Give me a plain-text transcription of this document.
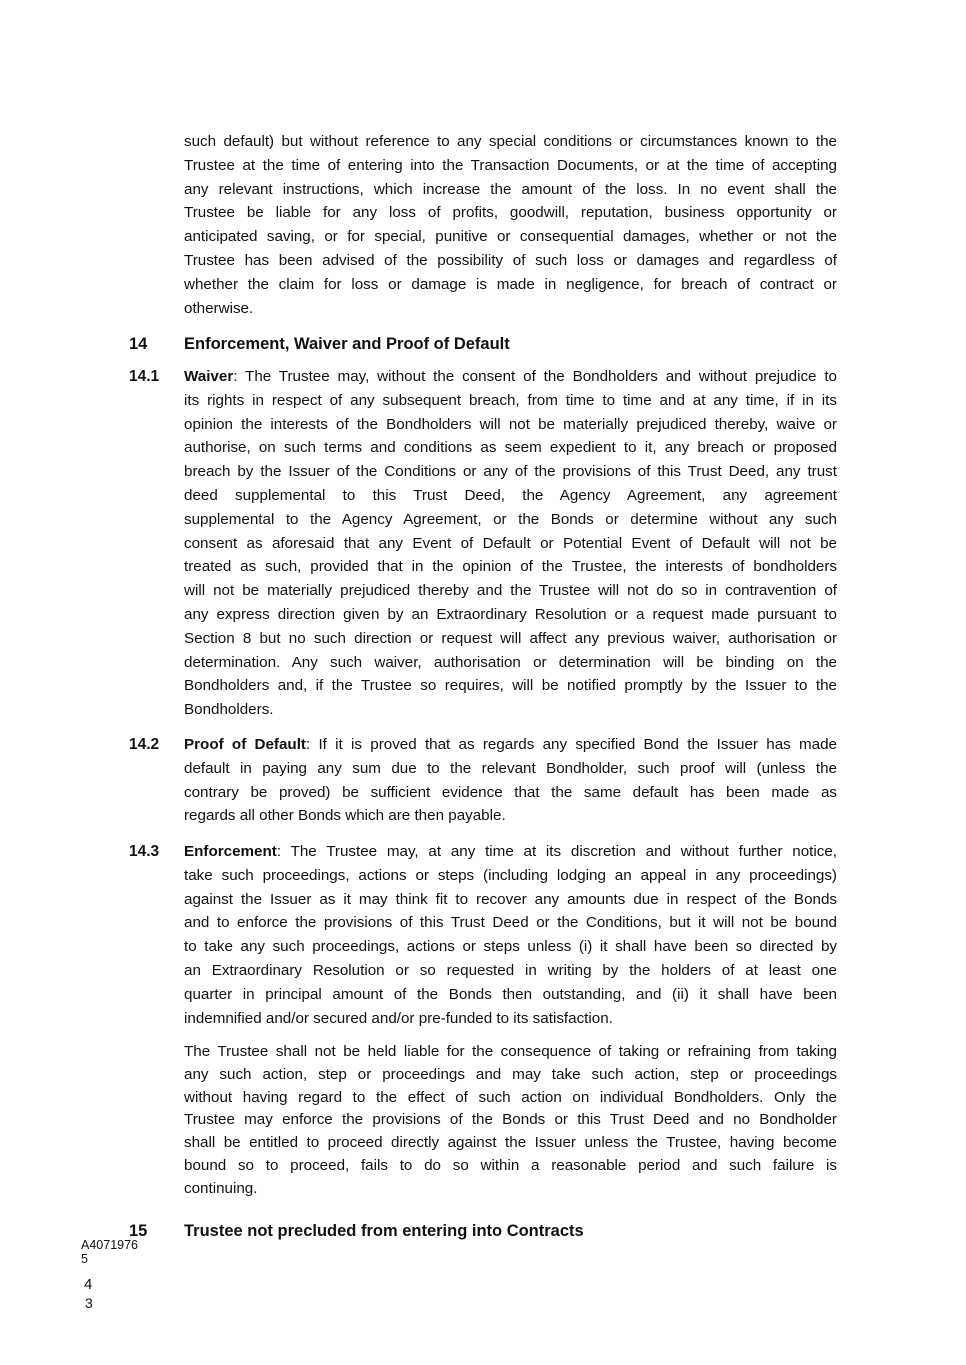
such default) but without reference to any special conditions or circumstances known to the
Trustee at the time of entering into the Transaction Documents, or at the time of accepting
any relevant instructions, which increase the amount of the loss. In no event shall the
Trustee be liable for any loss of profits, goodwill, reputation, business opportunity or
anticipated saving, or for special, punitive or consequential damages, whether or not the
Trustee has been advised of the possibility of such loss or damages and regardless of
whether the claim for loss or damage is made in negligence, for breach of contract or
otherwise.
14 Enforcement, Waiver and Proof of Default
14.1 Waiver: The Trustee may, without the consent of the Bondholders and without prejudice to
its rights in respect of any subsequent breach, from time to time and at any time, if in its
opinion the interests of the Bondholders will not be materially prejudiced thereby, waive or
authorise, on such terms and conditions as seem expedient to it, any breach or proposed
breach by the Issuer of the Conditions or any of the provisions of this Trust Deed, any trust
deed supplemental to this Trust Deed, the Agency Agreement, any agreement
supplemental to the Agency Agreement, or the Bonds or determine without any such
consent as aforesaid that any Event of Default or Potential Event of Default will not be
treated as such, provided that in the opinion of the Trustee, the interests of bondholders
will not be materially prejudiced thereby and the Trustee will not do so in contravention of
any express direction given by an Extraordinary Resolution or a request made pursuant to
Section 8 but no such direction or request will affect any previous waiver, authorisation or
determination. Any such waiver, authorisation or determination will be binding on the
Bondholders and, if the Trustee so requires, will be notified promptly by the Issuer to the
Bondholders.
14.2 Proof of Default: If it is proved that as regards any specified Bond the Issuer has made
default in paying any sum due to the relevant Bondholder, such proof will (unless the
contrary be proved) be sufficient evidence that the same default has been made as
regards all other Bonds which are then payable.
14.3 Enforcement: The Trustee may, at any time at its discretion and without further notice,
take such proceedings, actions or steps (including lodging an appeal in any proceedings)
against the Issuer as it may think fit to recover any amounts due in respect of the Bonds
and to enforce the provisions of this Trust Deed or the Conditions, but it will not be bound
to take any such proceedings, actions or steps unless (i) it shall have been so directed by
an Extraordinary Resolution or so requested in writing by the holders of at least one
quarter in principal amount of the Bonds then outstanding, and (ii) it shall have been
indemnified and/or secured and/or pre-funded to its satisfaction.
The Trustee shall not be held liable for the consequence of taking or refraining from taking
any such action, step or proceedings and may take such action, step or proceedings
without having regard to the effect of such action on individual Bondholders. Only the
Trustee may enforce the provisions of the Bonds or this Trust Deed and no Bondholder
shall be entitled to proceed directly against the Issuer unless the Trustee, having become
bound so to proceed, fails to do so within a reasonable period and such failure is
continuing.
15 Trustee not precluded from entering into Contracts
A4071976
5
4
3
